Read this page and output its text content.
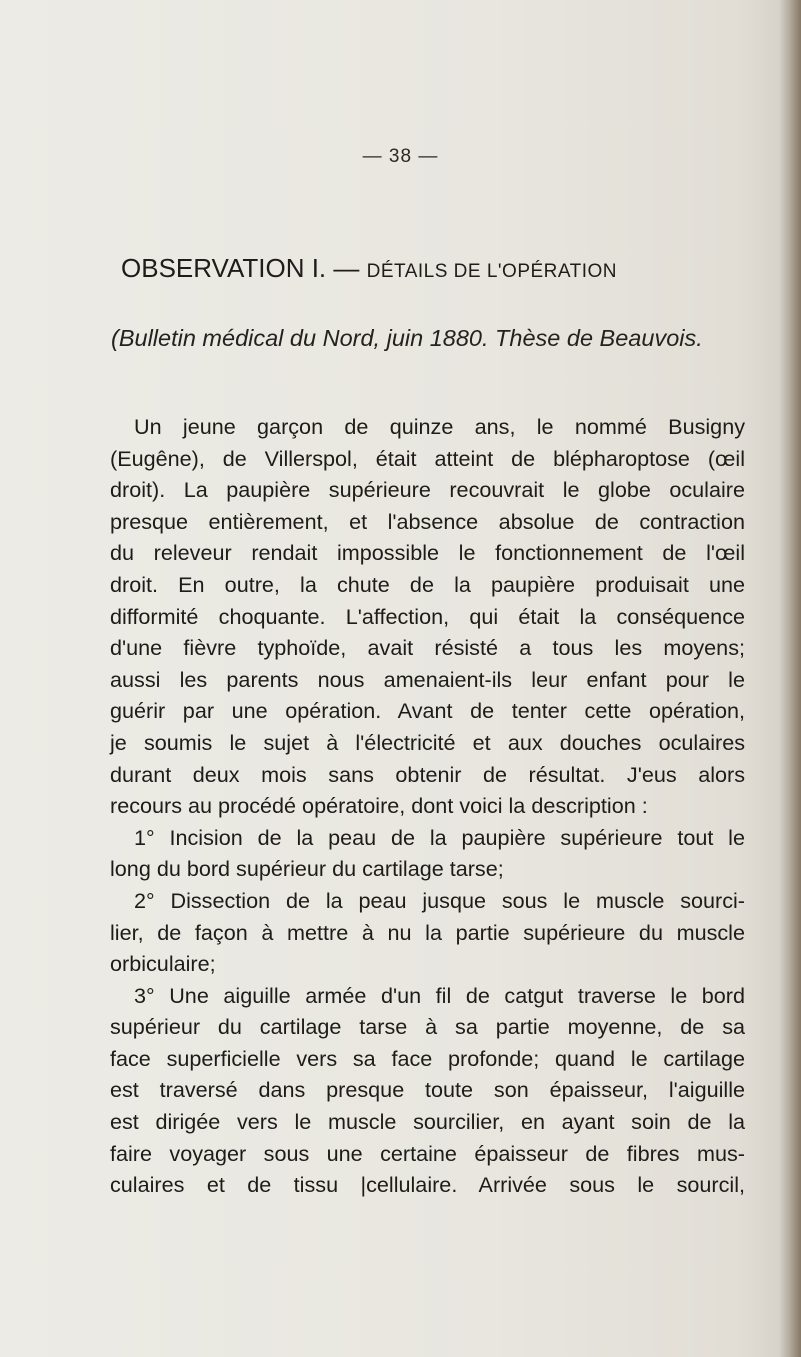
— 38 —
OBSERVATION I. — DÉTAILS DE L'OPÉRATION
(Bulletin médical du Nord, juin 1880. Thèse de Beauvois.
Un jeune garçon de quinze ans, le nommé Busigny
(Eugêne), de Villerspol, était atteint de blépharoptose (œil
droit). La paupière supérieure recouvrait le globe oculaire
presque entièrement, et l'absence absolue de contraction
du releveur rendait impossible le fonctionnement de l'œil
droit. En outre, la chute de la paupière produisait une
difformité choquante. L'affection, qui était la conséquence
d'une fièvre typhoïde, avait résisté a tous les moyens;
aussi les parents nous amenaient-ils leur enfant pour le
guérir par une opération. Avant de tenter cette opération,
je soumis le sujet à l'électricité et aux douches oculaires
durant deux mois sans obtenir de résultat. J'eus alors
recours au procédé opératoire, dont voici la description :
1° Incision de la peau de la paupière supérieure tout le
long du bord supérieur du cartilage tarse;
2° Dissection de la peau jusque sous le muscle sourci-
lier, de façon à mettre à nu la partie supérieure du muscle
orbiculaire;
3° Une aiguille armée d'un fil de catgut traverse le bord
supérieur du cartilage tarse à sa partie moyenne, de sa
face superficielle vers sa face profonde; quand le cartilage
est traversé dans presque toute son épaisseur, l'aiguille
est dirigée vers le muscle sourcilier, en ayant soin de la
faire voyager sous une certaine épaisseur de fibres mus-
culaires et de tissu |cellulaire. Arrivée sous le sourcil,
